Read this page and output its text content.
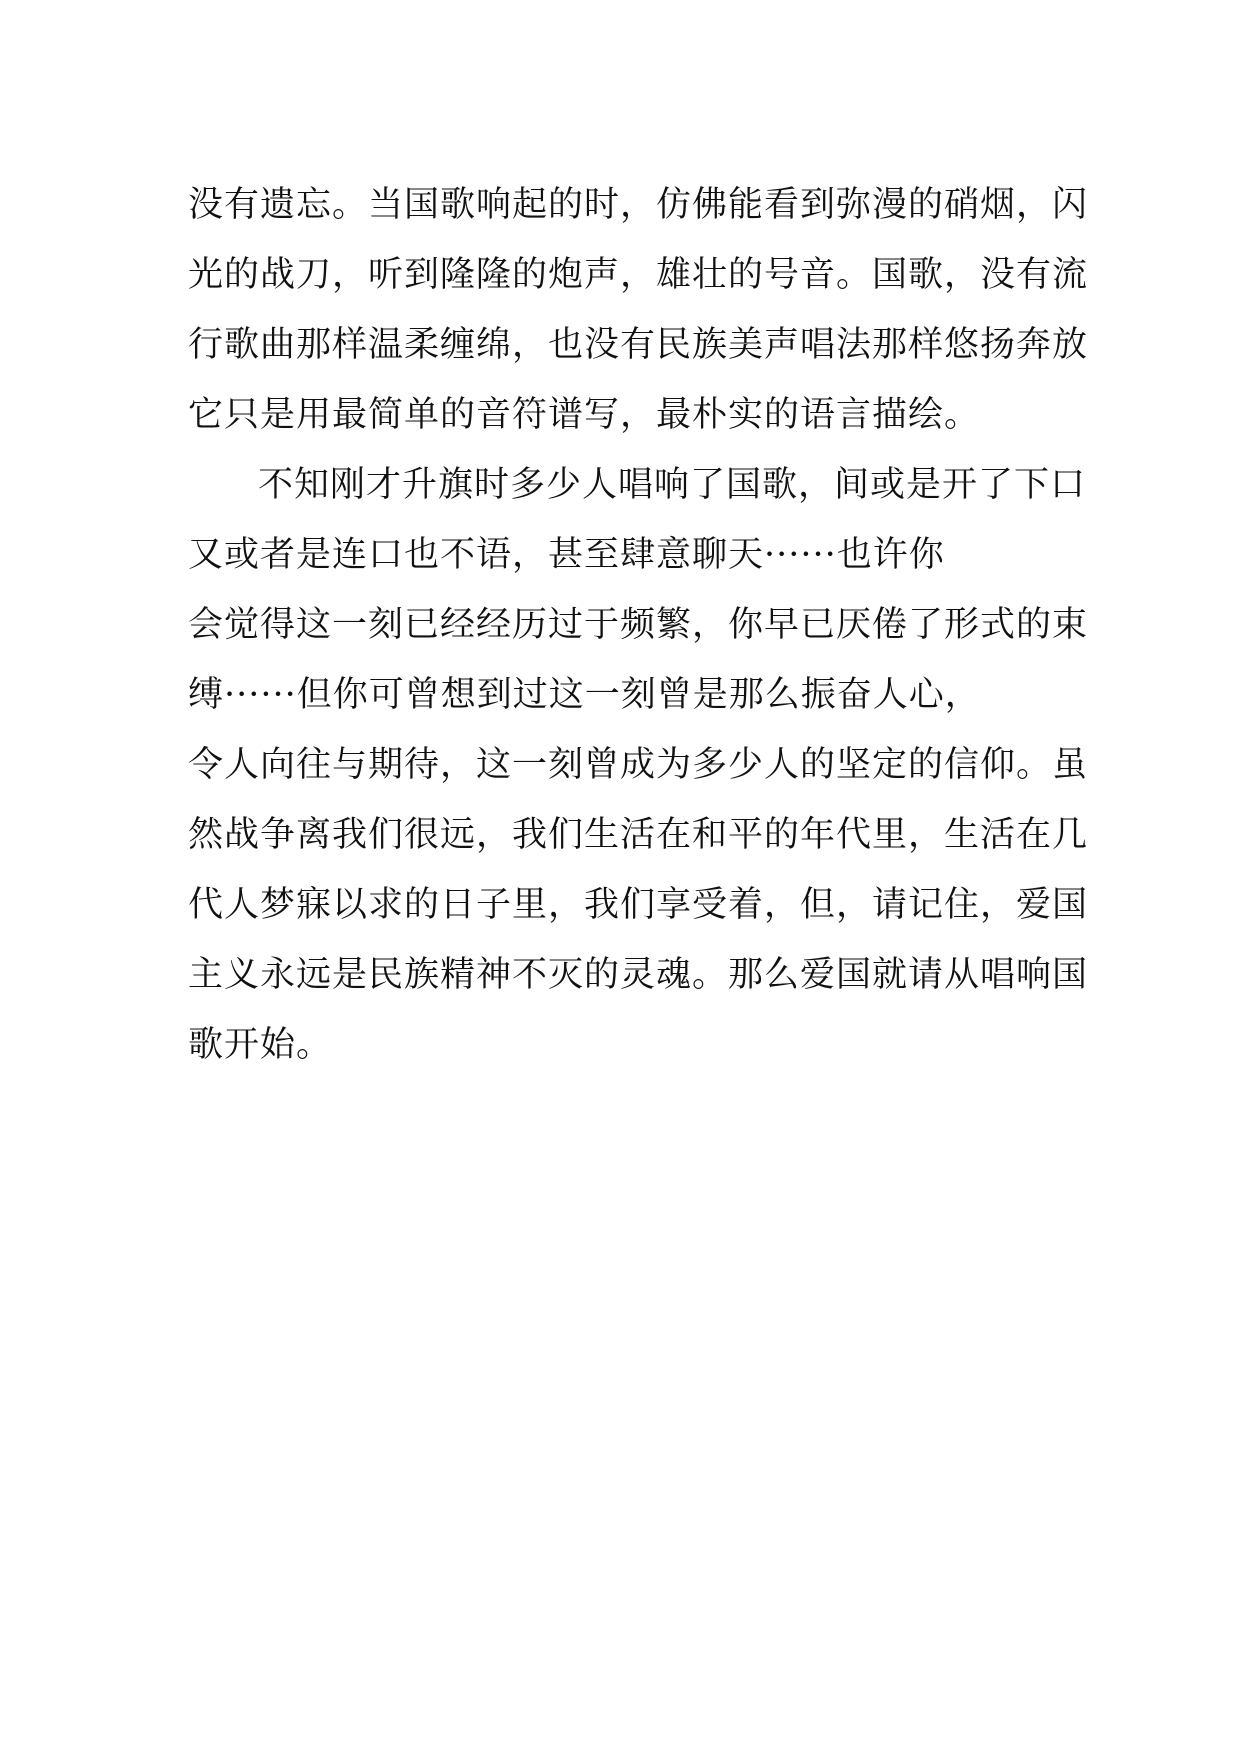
没有遗忘。当国歌响起的时，仿佛能看到弥漫的硝烟，闪
光的战刀，听到隆隆的炮声，雄壮的号音。国歌，没有流
行歌曲那样温柔缠绵，也没有民族美声唱法那样悠扬奔放
它只是用最简单的音符谱写，最朴实的语言描绘。
不知刚才升旗时多少人唱响了国歌，间或是开了下口
又或者是连口也不语，甚至肆意聊天······也许你
会觉得这一刻已经经历过于频繁，你早已厌倦了形式的束
缚······但你可曾想到过这一刻曾是那么振奋人心，
令人向往与期待，这一刻曾成为多少人的坚定的信仰。虽
然战争离我们很远，我们生活在和平的年代里，生活在几
代人梦寐以求的日子里，我们享受着，但，请记住，爱国
主义永远是民族精神不灭的灵魂。那么爱国就请从唱响国
歌开始。
